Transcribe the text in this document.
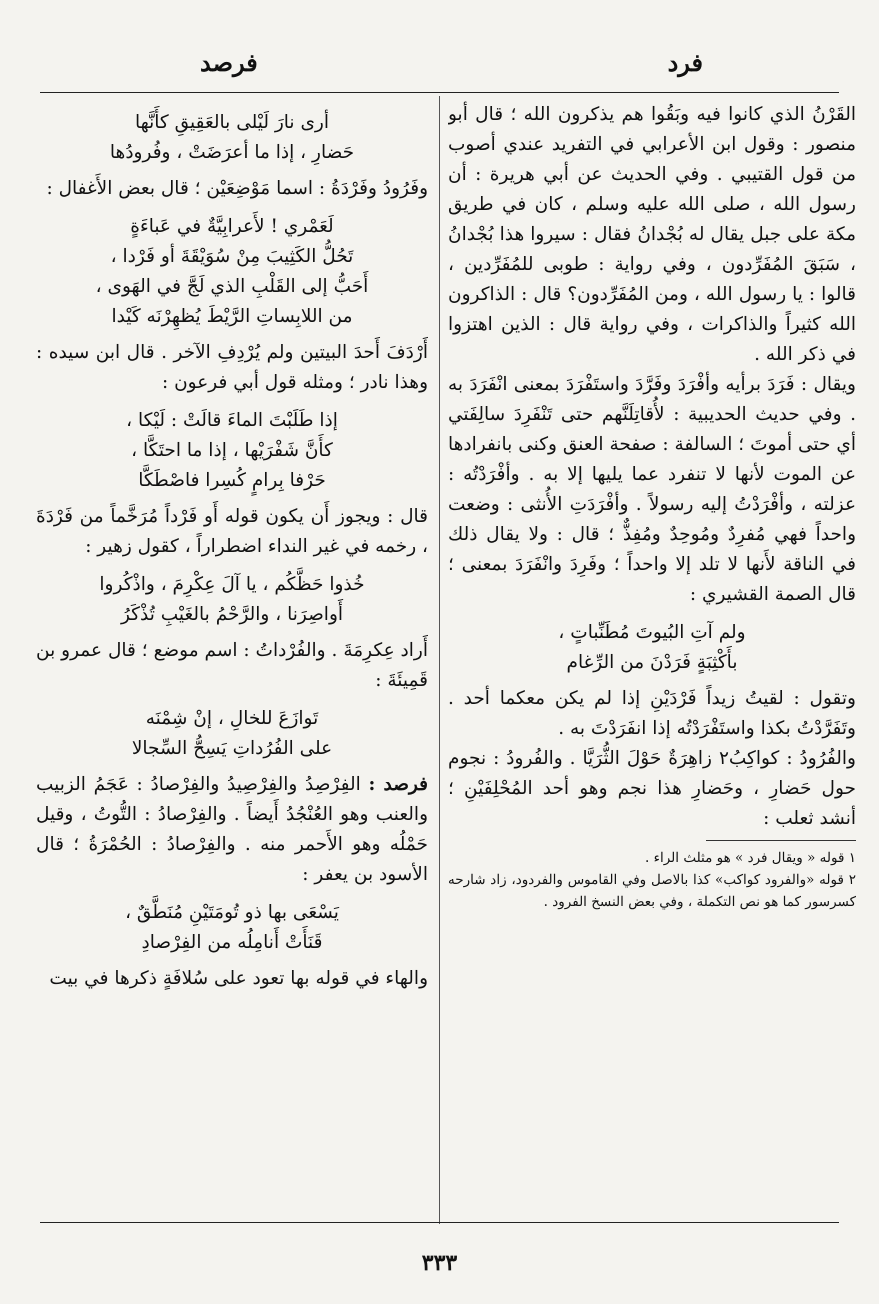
فرد
فرصد

القَرْنُ الذي كانوا فيه وبَقُوا هم يذكرون الله ؛ قال أبو منصور : وقول ابن الأعرابي في التفريد عندي أصوب من قول القتيبي . وفي الحديث عن أبي هريرة : أن رسول الله ، صلى الله عليه وسلم ، كان في طريق مكة على جبل يقال له بُجْدانُ فقال : سيروا هذا بُجْدانُ ، سَبَقَ المُفَرِّدون ، وفي رواية : طوبى للمُفَرِّدين ، قالوا : يا رسول الله ، ومن المُفَرِّدون؟ قال : الذاكرون الله كثيراً والذاكرات ، وفي رواية قال : الذين اهتزوا في ذكر الله .

ويقال : فَرَدَ برأيه وأفْرَدَ وفَرَّدَ واستَفْرَدَ بمعنى انْفَرَدَ به . وفي حديث الحديبية : لأُقاتِلَنَّهم حتى تَنْفَرِدَ سالِفَتي أي حتى أموتَ ؛ السالفة : صفحة العنق وكنى بانفرادها عن الموت لأنها لا تنفرد عما يليها إلا به . وأفْرَدْتُه : عزلته ، وأفْرَدْتُ إليه رسولاً . وأفْرَدَتِ الأُنثى : وضعت واحداً فهي مُفرِدٌ ومُوحِدٌ ومُفِذٌّ ؛ قال : ولا يقال ذلك في الناقة لأَنها لا تلد إلا واحداً ؛ وفَرِدَ وانْفَرَدَ بمعنى ؛ قال الصمة القشيري :

ولم آتِ البُيوتَ مُطَنِّباتٍ ،
بأَكْثِبَةٍ فَرَدْنَ من الرِّغام

وتقول : لقيتُ زيداً فَرْدَيْنِ إذا لم يكن معكما أحد . وتَفَرَّدْتُ بكذا واستَفْرَدْتُه إذا انفَرَدْتَ به .

والفُرُودُ : كواكِبُ٢ زاهِرَةٌ حَوْلَ الثُّرَيَّا . والفُرودُ : نجوم حول حَضارِ ، وحَضارِ هذا نجم وهو أحد المُحْلِفَيْنِ ؛ أنشد ثعلب :

١ قوله « ويقال فرد » هو مثلث الراء .

٢ قوله «والفرود كواكب» كذا بالاصل وفي القاموس والفردود، زاد شارحه كسرسور كما هو نص التكملة ، وفي بعض النسخ الفرود .

أرى نارَ لَيْلى بالعَقِيقِ كأَنَّها
حَضارِ ، إذا ما أعرَضَتْ ، وفُرودُها

وفَرُودُ وفَرْدَةُ : اسما مَوْضِعَيْن ؛ قال بعض الأَغفال :

لَعَمْري ! لأَعرابِيَّةٌ في عَباءَةٍ
تَحُلُّ الكَثِيبَ مِنْ سُوَيْقَةَ أو فَرْدا ،
أَحَبُّ إلى القَلْبِ الذي لَجَّ في الهَوى ،
من اللابِساتِ الرَّيْطَ يُظهِرْنَه كَيْدا

أَرْدَفَ أَحدَ البيتين ولم يُرْدِفِ الآخر . قال ابن سيده : وهذا نادر ؛ ومثله قول أبي فرعون :

إذا طَلَبْتَ الماءَ قالَتْ : لَيْكا ،
كأَنَّ شَفْرَيْها ، إذا ما احتَكَّا ،
حَرْفا بِرامٍ كُسِرا فاصْطَكَّا

قال : ويجوز أَن يكون قوله أَو فَرْداً مُرَخَّماً من فَرْدَةَ ، رخمه في غير النداء اضطراراً ، كقول زهير :

خُذوا حَظَّكُم ، يا آلَ عِكْرِمَ ، واذْكُروا
أَواصِرَنا ، والرَّحْمُ بالغَيْبِ تُذْكَرُ

أَراد عِكرِمَةَ . والفُرْداتُ : اسم موضع ؛ قال عمرو بن قَمِيئَةَ :

تَوازَعَ للخالِ ، إنْ شِمْنَه
على الفُرُداتِ يَسِحُّ السِّجالا

فرصد : الفِرْصِدُ والفِرْصِيدُ والفِرْصادُ : عَجَمُ الزبيب والعنب وهو العُنْجُدُ أَيضاً . والفِرْصادُ : التُّوتُ ، وقيل حَمْلُه وهو الأَحمر منه . والفِرْصادُ : الحُمْرَةُ ؛ قال الأسود بن يعفر :

يَسْعَى بها ذو تُومَتَيْنِ مُنَطَّقٌ ،
قَنَأَتْ أَنامِلُه من الفِرْصادِ

والهاء في قوله بها تعود على سُلافَةٍ ذكرها في بيت

٣٣٣
